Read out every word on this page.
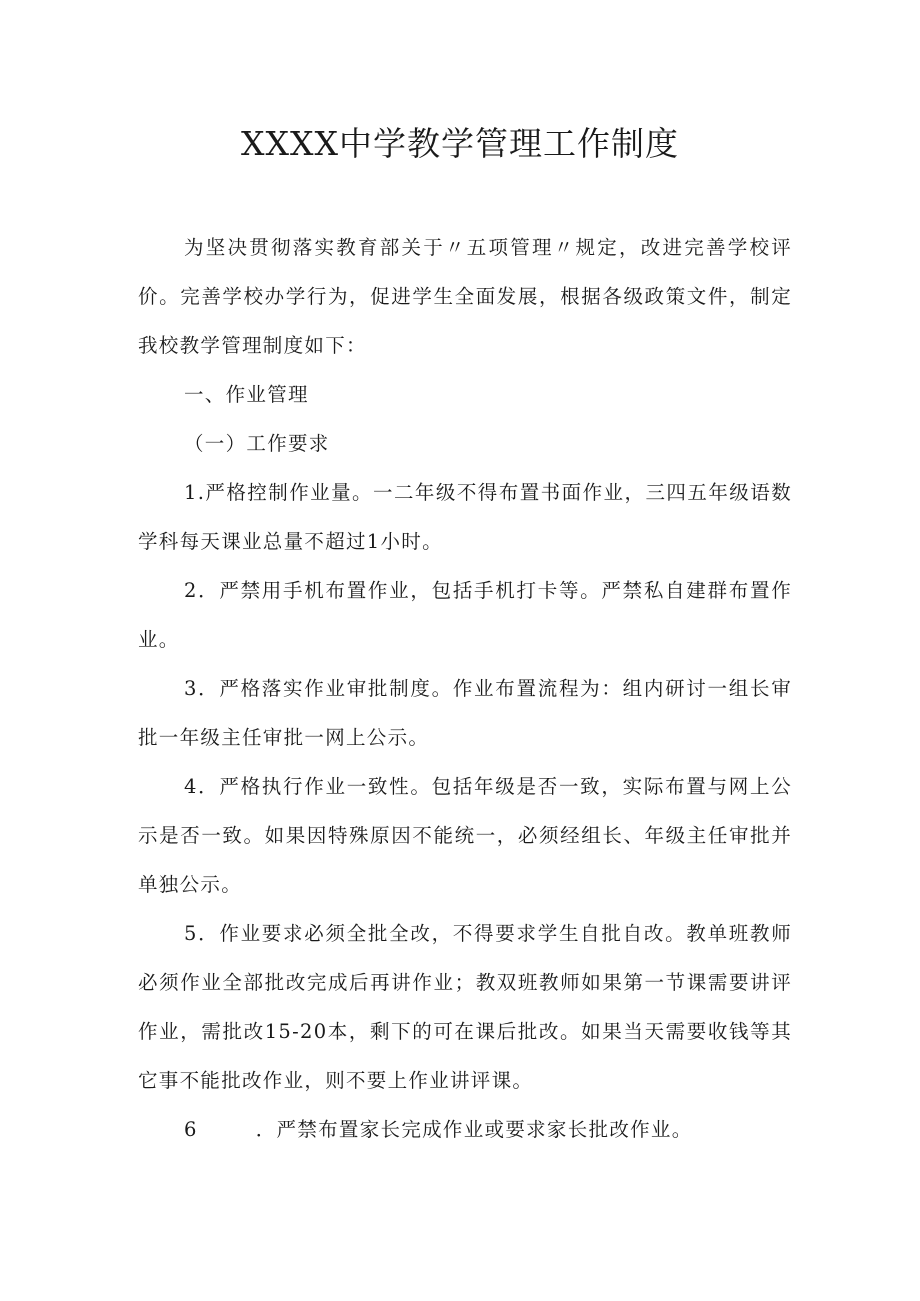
XXXX中学教学管理工作制度

为坚决贯彻落实教育部关于〃五项管理〃规定，改进完善学校评价。完善学校办学行为，促进学生全面发展，根据各级政策文件，制定我校教学管理制度如下：

一、作业管理

（一）工作要求

1.严格控制作业量。一二年级不得布置书面作业，三四五年级语数学科每天课业总量不超过1小时。

2．严禁用手机布置作业，包括手机打卡等。严禁私自建群布置作业。

3．严格落实作业审批制度。作业布置流程为：组内研讨一组长审批一年级主任审批一网上公示。

4．严格执行作业一致性。包括年级是否一致，实际布置与网上公示是否一致。如果因特殊原因不能统一，必须经组长、年级主任审批并单独公示。

5．作业要求必须全批全改，不得要求学生自批自改。教单班教师必须作业全部批改完成后再讲作业；教双班教师如果第一节课需要讲评作业，需批改15-20本，剩下的可在课后批改。如果当天需要收钱等其它事不能批改作业，则不要上作业讲评课。

6	．严禁布置家长完成作业或要求家长批改作业。
